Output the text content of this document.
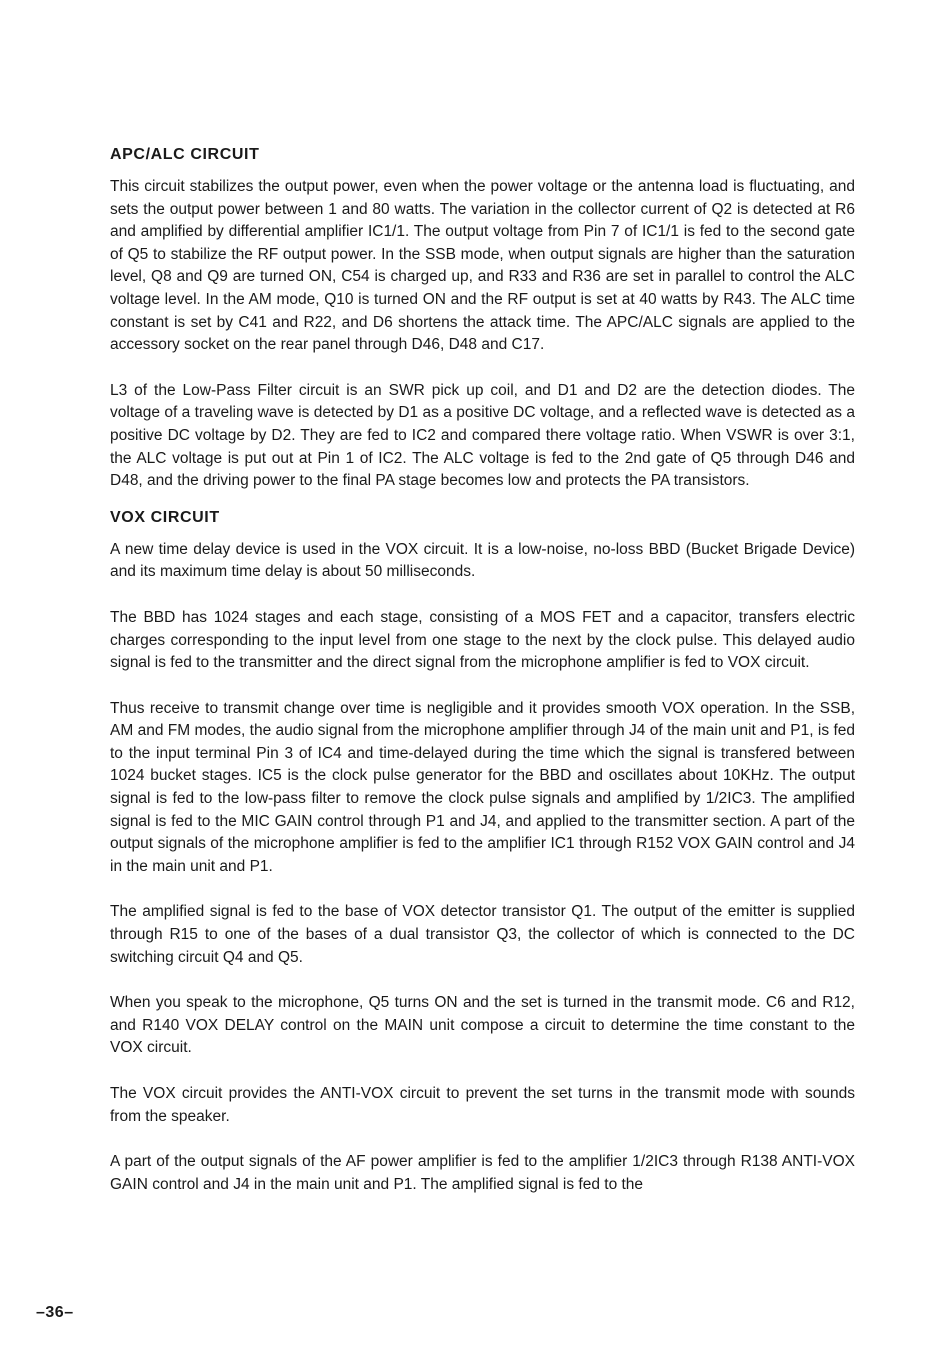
APC/ALC CIRCUIT

This circuit stabilizes the output power, even when the power voltage or the antenna load is fluctuating, and sets the output power between 1 and 80 watts. The variation in the collector current of Q2 is detected at R6 and amplified by differential amplifier IC1/1. The output voltage from Pin 7 of IC1/1 is fed to the second gate of Q5 to stabilize the RF output power. In the SSB mode, when output signals are higher than the saturation level, Q8 and Q9 are turned ON, C54 is charged up, and R33 and R36 are set in parallel to control the ALC voltage level. In the AM mode, Q10 is turned ON and the RF output is set at 40 watts by R43. The ALC time constant is set by C41 and R22, and D6 shortens the attack time. The APC/ALC signals are applied to the accessory socket on the rear panel through D46, D48 and C17.

L3 of the Low-Pass Filter circuit is an SWR pick up coil, and D1 and D2 are the detection diodes. The voltage of a traveling wave is detected by D1 as a positive DC voltage, and a reflected wave is detected as a positive DC voltage by D2. They are fed to IC2 and compared there voltage ratio. When VSWR is over 3:1, the ALC voltage is put out at Pin 1 of IC2. The ALC voltage is fed to the 2nd gate of Q5 through D46 and D48, and the driving power to the final PA stage becomes low and protects the PA transistors.

VOX CIRCUIT

A new time delay device is used in the VOX circuit. It is a low-noise, no-loss BBD (Bucket Brigade Device) and its maximum time delay is about 50 milliseconds.

The BBD has 1024 stages and each stage, consisting of a MOS FET and a capacitor, transfers electric charges corresponding to the input level from one stage to the next by the clock pulse. This delayed audio signal is fed to the transmitter and the direct signal from the microphone amplifier is fed to VOX circuit.

Thus receive to transmit change over time is negligible and it provides smooth VOX operation. In the SSB, AM and FM modes, the audio signal from the microphone amplifier through J4 of the main unit and P1, is fed to the input terminal Pin 3 of IC4 and time-delayed during the time which the signal is transfered between 1024 bucket stages. IC5 is the clock pulse generator for the BBD and oscillates about 10KHz. The output signal is fed to the low-pass filter to remove the clock pulse signals and amplified by 1/2IC3. The amplified signal is fed to the MIC GAIN control through P1 and J4, and applied to the transmitter section. A part of the output signals of the microphone amplifier is fed to the amplifier IC1 through R152 VOX GAIN control and J4 in the main unit and P1.

The amplified signal is fed to the base of VOX detector transistor Q1. The output of the emitter is supplied through R15 to one of the bases of a dual transistor Q3, the collector of which is connected to the DC switching circuit Q4 and Q5.

When you speak to the microphone, Q5 turns ON and the set is turned in the transmit mode. C6 and R12, and R140 VOX DELAY control on the MAIN unit compose a circuit to determine the time constant to the VOX circuit.

The VOX circuit provides the ANTI-VOX circuit to prevent the set turns in the transmit mode with sounds from the speaker.

A part of the output signals of the AF power amplifier is fed to the amplifier 1/2IC3 through R138 ANTI-VOX GAIN control and J4 in the main unit and P1. The amplified signal is fed to the

–36–
